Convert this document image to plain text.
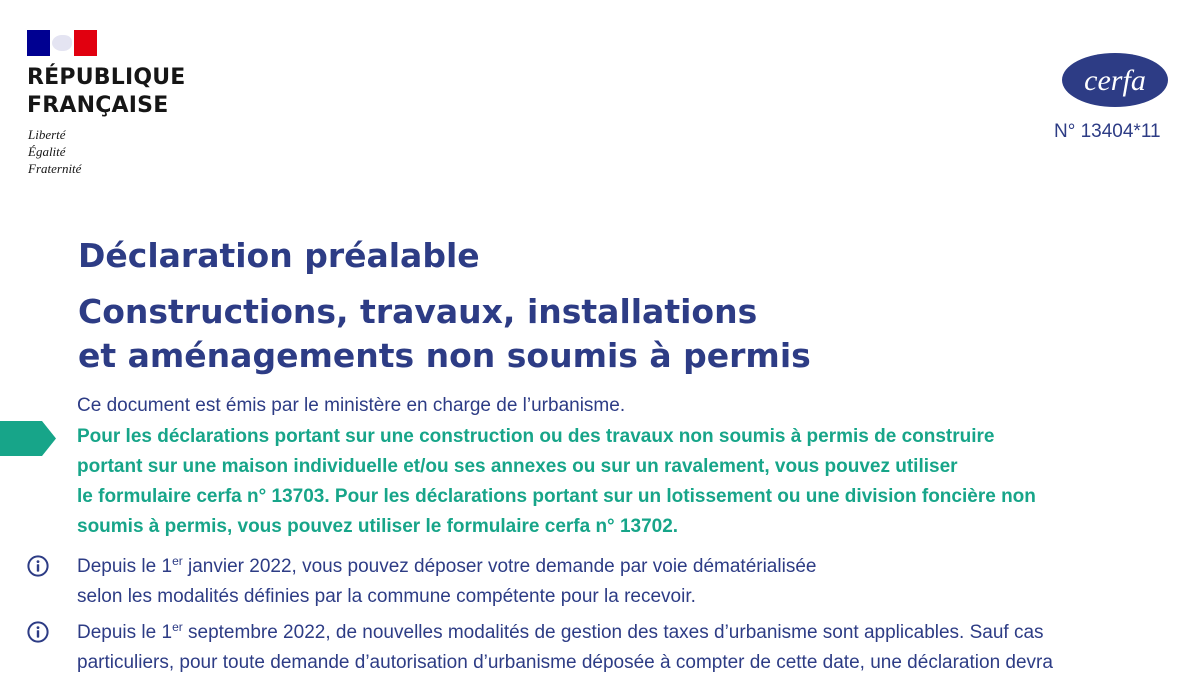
RÉPUBLIQUE
FRANÇAISE
Liberté
Égalité
Fraternité
cerfa
N° 13404*11
Déclaration préalable
Constructions, travaux, installations
et aménagements non soumis à permis

Ce document est émis par le ministère en charge de l’urbanisme.

Pour les déclarations portant sur une construction ou des travaux non soumis à permis de construire
portant sur une maison individuelle et/ou ses annexes ou sur un ravalement, vous pouvez utiliser
le formulaire cerfa n° 13703. Pour les déclarations portant sur un lotissement ou une division foncière non
soumis à permis, vous pouvez utiliser le formulaire cerfa n° 13702.
Depuis le 1er janvier 2022, vous pouvez déposer votre demande par voie dématérialisée
selon les modalités définies par la commune compétente pour la recevoir.
Depuis le 1er septembre 2022, de nouvelles modalités de gestion des taxes d’urbanisme sont applicables. Sauf cas
particuliers, pour toute demande d’autorisation d’urbanisme déposée à compter de cette date, une déclaration devra
